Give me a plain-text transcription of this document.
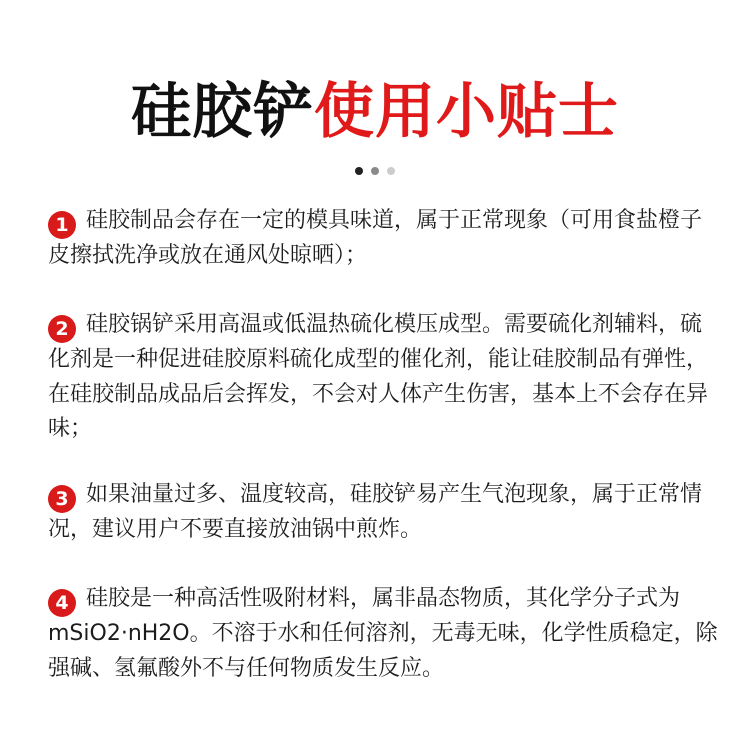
硅胶铲使用小贴士
1 硅胶制品会存在一定的模具味道，属于正常现象（可用食盐橙子皮擦拭洗净或放在通风处晾晒）；
2 硅胶锅铲采用高温或低温热硫化模压成型。需要硫化剂辅料，硫化剂是一种促进硅胶原料硫化成型的催化剂，能让硅胶制品有弹性，在硅胶制品成品后会挥发，不会对人体产生伤害，基本上不会存在异味；
3 如果油量过多、温度较高，硅胶铲易产生气泡现象，属于正常情况，建议用户不要直接放油锅中煎炸。
4 硅胶是一种高活性吸附材料，属非晶态物质，其化学分子式为mSiO2·nH2O。不溶于水和任何溶剂，无毒无味，化学性质稳定，除强碱、氢氟酸外不与任何物质发生反应。
